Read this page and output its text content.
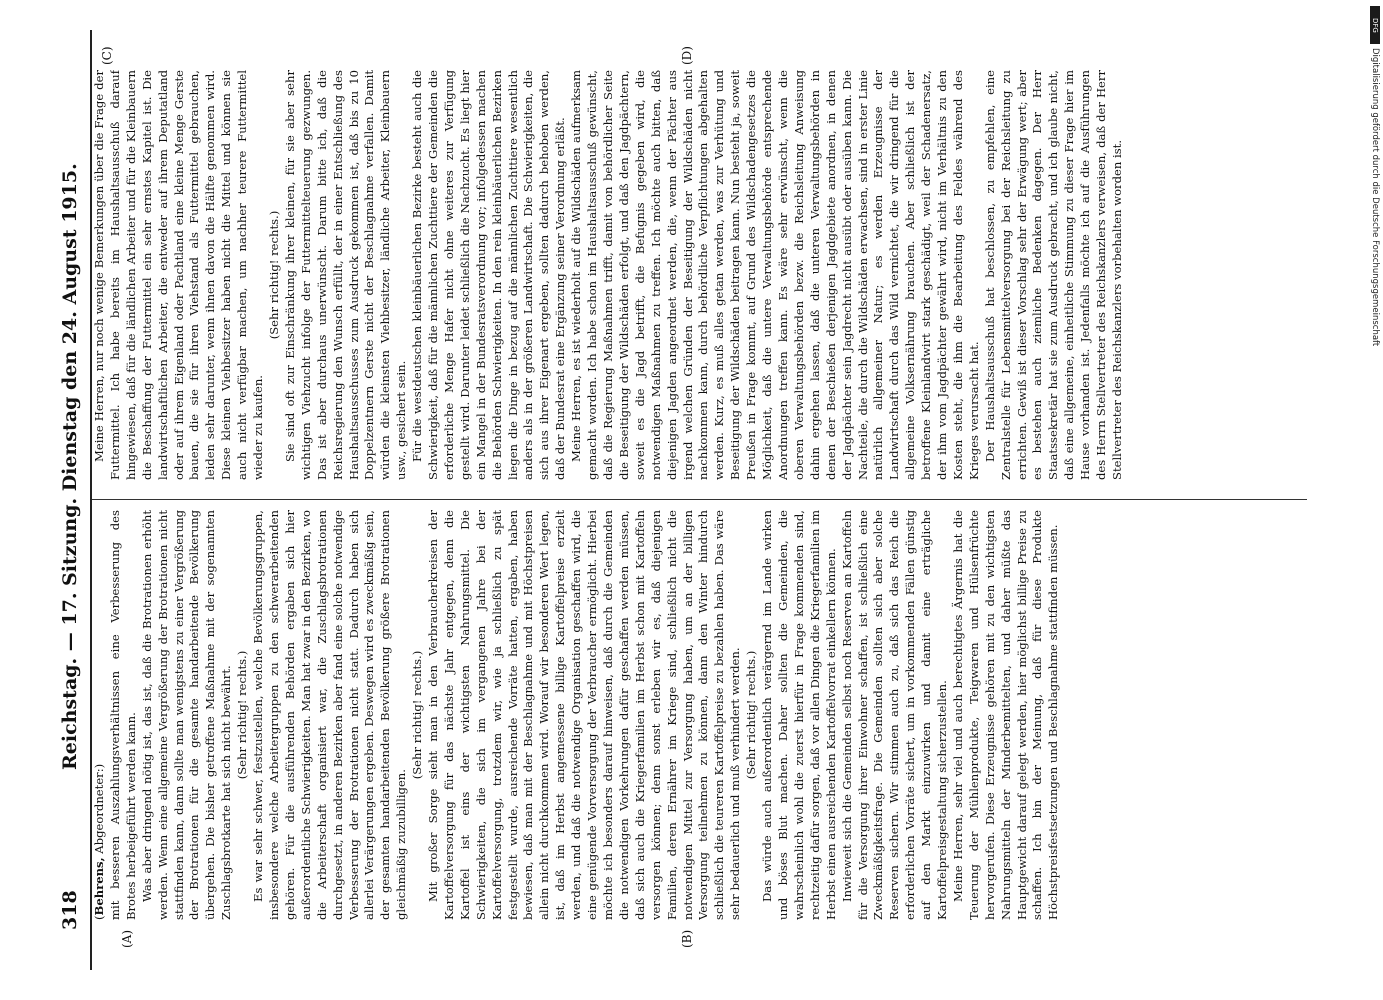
318
Reichstag. — 17. Sitzung. Dienstag den 24. August 1915.
(A)	(B)
(C)	(D)

(Behrens, Abgeordneter:) mit besseren Auszahlungsverhältnissen eine Verbesserung des Brotes herbeigeführt werden kann. Was aber dringend nötig ist, das ist, daß die Brotrationen erhöht werden. Wenn eine allgemeine Vergrößerung der Brotrationen nicht stattfinden kann, dann sollte man wenigstens zu einer Vergrößerung der Brotrationen für die gesamte handarbeitende Bevölkerung übergehen. Die bisher getroffene Maßnahme mit der sogenannten Zuschlagsbrotkarte hat sich nicht bewährt. (Sehr richtig! rechts.) Es war sehr schwer, festzustellen, welche Bevölkerungsgruppen, insbesondere welche Arbeitergruppen zu den schwerarbeitenden gehören. Für die ausführenden Behörden ergaben sich hier außerordentliche Schwierigkeiten. Man hat zwar in den Bezirken, wo die Arbeiterschaft organisiert war, die Zuschlagsbrotrationen durchgesetzt, in anderen Bezirken aber fand eine solche notwendige Verbesserung der Brotrationen nicht statt. Dadurch haben sich allerlei Verärgerungen ergeben. Deswegen wird es zweckmäßig sein, der gesamten handarbeitenden Bevölkerung größere Brotrationen gleichmäßig zuzubilligen.

(Sehr richtig! rechts.) Mit großer Sorge sieht man in den Verbraucherkreisen der Kartoffelversorgung für das nächste Jahr entgegen, denn die Kartoffel ist eins der wichtigsten Nahrungsmittel. Die Schwierigkeiten, die sich im vergangenen Jahre bei der Kartoffelversorgung, trotzdem wir, wie ja schließlich zu spät festgestellt wurde, ausreichende Vorräte hatten, ergaben, haben bewiesen, daß man mit der Beschlagnahme und mit Höchstpreisen allein nicht durchkommen wird. Worauf wir besonderen Wert legen, ist, daß im Herbst angemessene billige Kartoffelpreise erzielt werden, und daß die notwendige Organisation geschaffen wird, die eine genügende Vorversorgung der Verbraucher ermöglicht. Hierbei möchte ich besonders darauf hinweisen, daß durch die Gemeinden die notwendigen Vorkehrungen dafür geschaffen werden müssen, daß sich auch die Kriegerfamilien im Herbst schon mit Kartoffeln versorgen können; denn sonst erleben wir es, daß diejenigen Familien, deren Ernährer im Kriege sind, schließlich nicht die notwendigen Mittel zur Versorgung haben, um an der billigen Versorgung teilnehmen zu können, dann den Winter hindurch schließlich die teureren Kartoffelpreise zu bezahlen haben. Das wäre sehr bedauerlich und muß verhindert werden. (Sehr richtig! rechts.) Das würde auch außerordentlich verärgernd im Lande wirken und böses Blut machen. Daher sollten die Gemeinden, die wahrscheinlich wohl die zuerst hierfür in Frage kommenden sind, rechtzeitig dafür sorgen, daß vor allen Dingen die Kriegerfamilien im Herbst einen ausreichenden Kartoffelvorrat einkellern können. Inwieweit sich die Gemeinden selbst noch Reserven an Kartoffeln für die Versorgung ihrer Einwohner schaffen, ist schließlich eine Zweckmäßigkeitsfrage. Die Gemeinden sollten sich aber solche Reserven sichern. Wir stimmen auch zu, daß sich das Reich die erforderlichen Vorräte sichert, um in vorkommenden Fällen günstig auf den Markt einzuwirken und damit eine erträgliche Kartoffelpreisgestaltung sicherzustellen. Meine Herren, sehr viel und auch berechtigtes Ärgernis hat die Teuerung der Mühlenprodukte, Teigwaren und Hülsenfrüchte hervorgerufen. Diese Erzeugnisse gehören mit zu den wichtigsten Nahrungsmitteln der Minderbemittelten, und daher müßte das Hauptgewicht darauf gelegt werden, hier möglichst billige Preise zu schaffen. Ich bin der Meinung, daß für diese Produkte Höchstpreisfestsetzungen und Beschlagnahme stattfinden müssen.

Meine Herren, nur noch wenige Bemerkungen über die Frage der Futtermittel. Ich habe bereits im Haushaltsausschuß darauf hingewiesen, daß für die ländlichen Arbeiter und für die Kleinbauern die Beschaffung der Futtermittel ein sehr ernstes Kapitel ist. Die landwirtschaftlichen Arbeiter, die entweder auf ihrem Deputatland oder auf ihrem Eigenland oder Pachtland eine kleine Menge Gerste bauen, die sie für ihren Viehstand als Futtermittel gebrauchen, leiden sehr darunter, wenn ihnen davon die Hälfte genommen wird. Diese kleinen Viehbesitzer haben nicht die Mittel und können sie auch nicht verfügbar machen, um nachher teurere Futtermittel wieder zu kaufen.

(Sehr richtig! rechts.) Sie sind oft zur Einschränkung ihrer kleinen, für sie aber sehr wichtigen Viehzucht infolge der Futtermittelteuerung gezwungen. Das ist aber durchaus unerwünscht. Darum bitte ich, daß die Reichsregierung den Wunsch erfüllt, der in einer Entschließung des Haushaltsausschusses zum Ausdruck gekommen ist, daß bis zu 10 Doppelzentnern Gerste nicht der Beschlagnahme verfallen. Damit würden die kleinsten Viehbesitzer, ländliche Arbeiter, Kleinbauern usw., gesichert sein. Für die westdeutschen kleinbäuerlichen Bezirke besteht auch die Schwierigkeit, daß für die männlichen Zuchttiere der Gemeinden die erforderliche Menge Hafer nicht ohne weiteres zur Verfügung gestellt wird. Darunter leidet schließlich die Nachzucht. Es liegt hier ein Mangel in der Bundesratsverordnung vor; infolgedessen machen die Behörden Schwierigkeiten. In den rein kleinbäuerlichen Bezirken liegen die Dinge in bezug auf die männlichen Zuchttiere wesentlich anders als in der größeren Landwirtschaft. Die Schwierigkeiten, die sich aus ihrer Eigenart ergeben, sollten dadurch behoben werden, daß der Bundesrat eine Ergänzung seiner Verordnung erläßt. Meine Herren, es ist wiederholt auf die Wildschäden aufmerksam gemacht worden. Ich habe schon im Haushaltsausschuß gewünscht, daß die Regierung Maßnahmen trifft, damit von behördlicher Seite die Beseitigung der Wildschäden erfolgt, und daß den Jagdpächtern, soweit es die Jagd betrifft, die Befugnis gegeben wird, die notwendigen Maßnahmen zu treffen. Ich möchte auch bitten, daß diejenigen Jagden angeordnet werden, die, wenn der Pächter aus irgend welchen Gründen der Beseitigung der Wildschäden nicht nachkommen kann, durch behördliche Verpflichtungen abgehalten werden. Kurz, es muß alles getan werden, was zur Verhütung und Beseitigung der Wildschäden beitragen kann. Nun besteht ja, soweit Preußen in Frage kommt, auf Grund des Wildschadengesetzes die Möglichkeit, daß die untere Verwaltungsbehörde entsprechende Anordnungen treffen kann. Es wäre sehr erwünscht, wenn die oberen Verwaltungsbehörden bezw. die Reichsleitung Anweisung dahin ergehen lassen, daß die unteren Verwaltungsbehörden in denen der Beschießen derjenigen Jagdgebiete anordnen, in denen der Jagdpächter sein Jagdrecht nicht ausübt oder ausüben kann. Die Nachteile, die durch die Wildschäden erwachsen, sind in erster Linie natürlich allgemeiner Natur; es werden Erzeugnisse der Landwirtschaft durch das Wild vernichtet, die wir dringend für die allgemeine Volksernährung brauchen. Aber schließlich ist der betroffene Kleinlandwirt stark geschädigt, weil der Schadenersatz, der ihm vom Jagdpächter gewährt wird, nicht im Verhältnis zu den Kosten steht, die ihm die Bearbeitung des Feldes während des Krieges verursacht hat. Der Haushaltsausschuß hat beschlossen, zu empfehlen, eine Zentralstelle für Lebensmittelversorgung bei der Reichsleitung zu errichten. Gewiß ist dieser Vorschlag sehr der Erwägung wert; aber es bestehen auch ziemliche Bedenken dagegen. Der Herr Staatssekretär hat sie zum Ausdruck gebracht, und ich glaube nicht, daß eine allgemeine, einheitliche Stimmung zu dieser Frage hier im Hause vorhanden ist. Jedenfalls möchte ich auf die Ausführungen des Herrn Stellvertreter des Reichskanzlers verweisen, daß der Herr Stellvertreter des Reichskanzlers vorbehalten worden ist.

DFG
Digitalisierung gefördert durch die Deutsche Forschungsgemeinschaft
